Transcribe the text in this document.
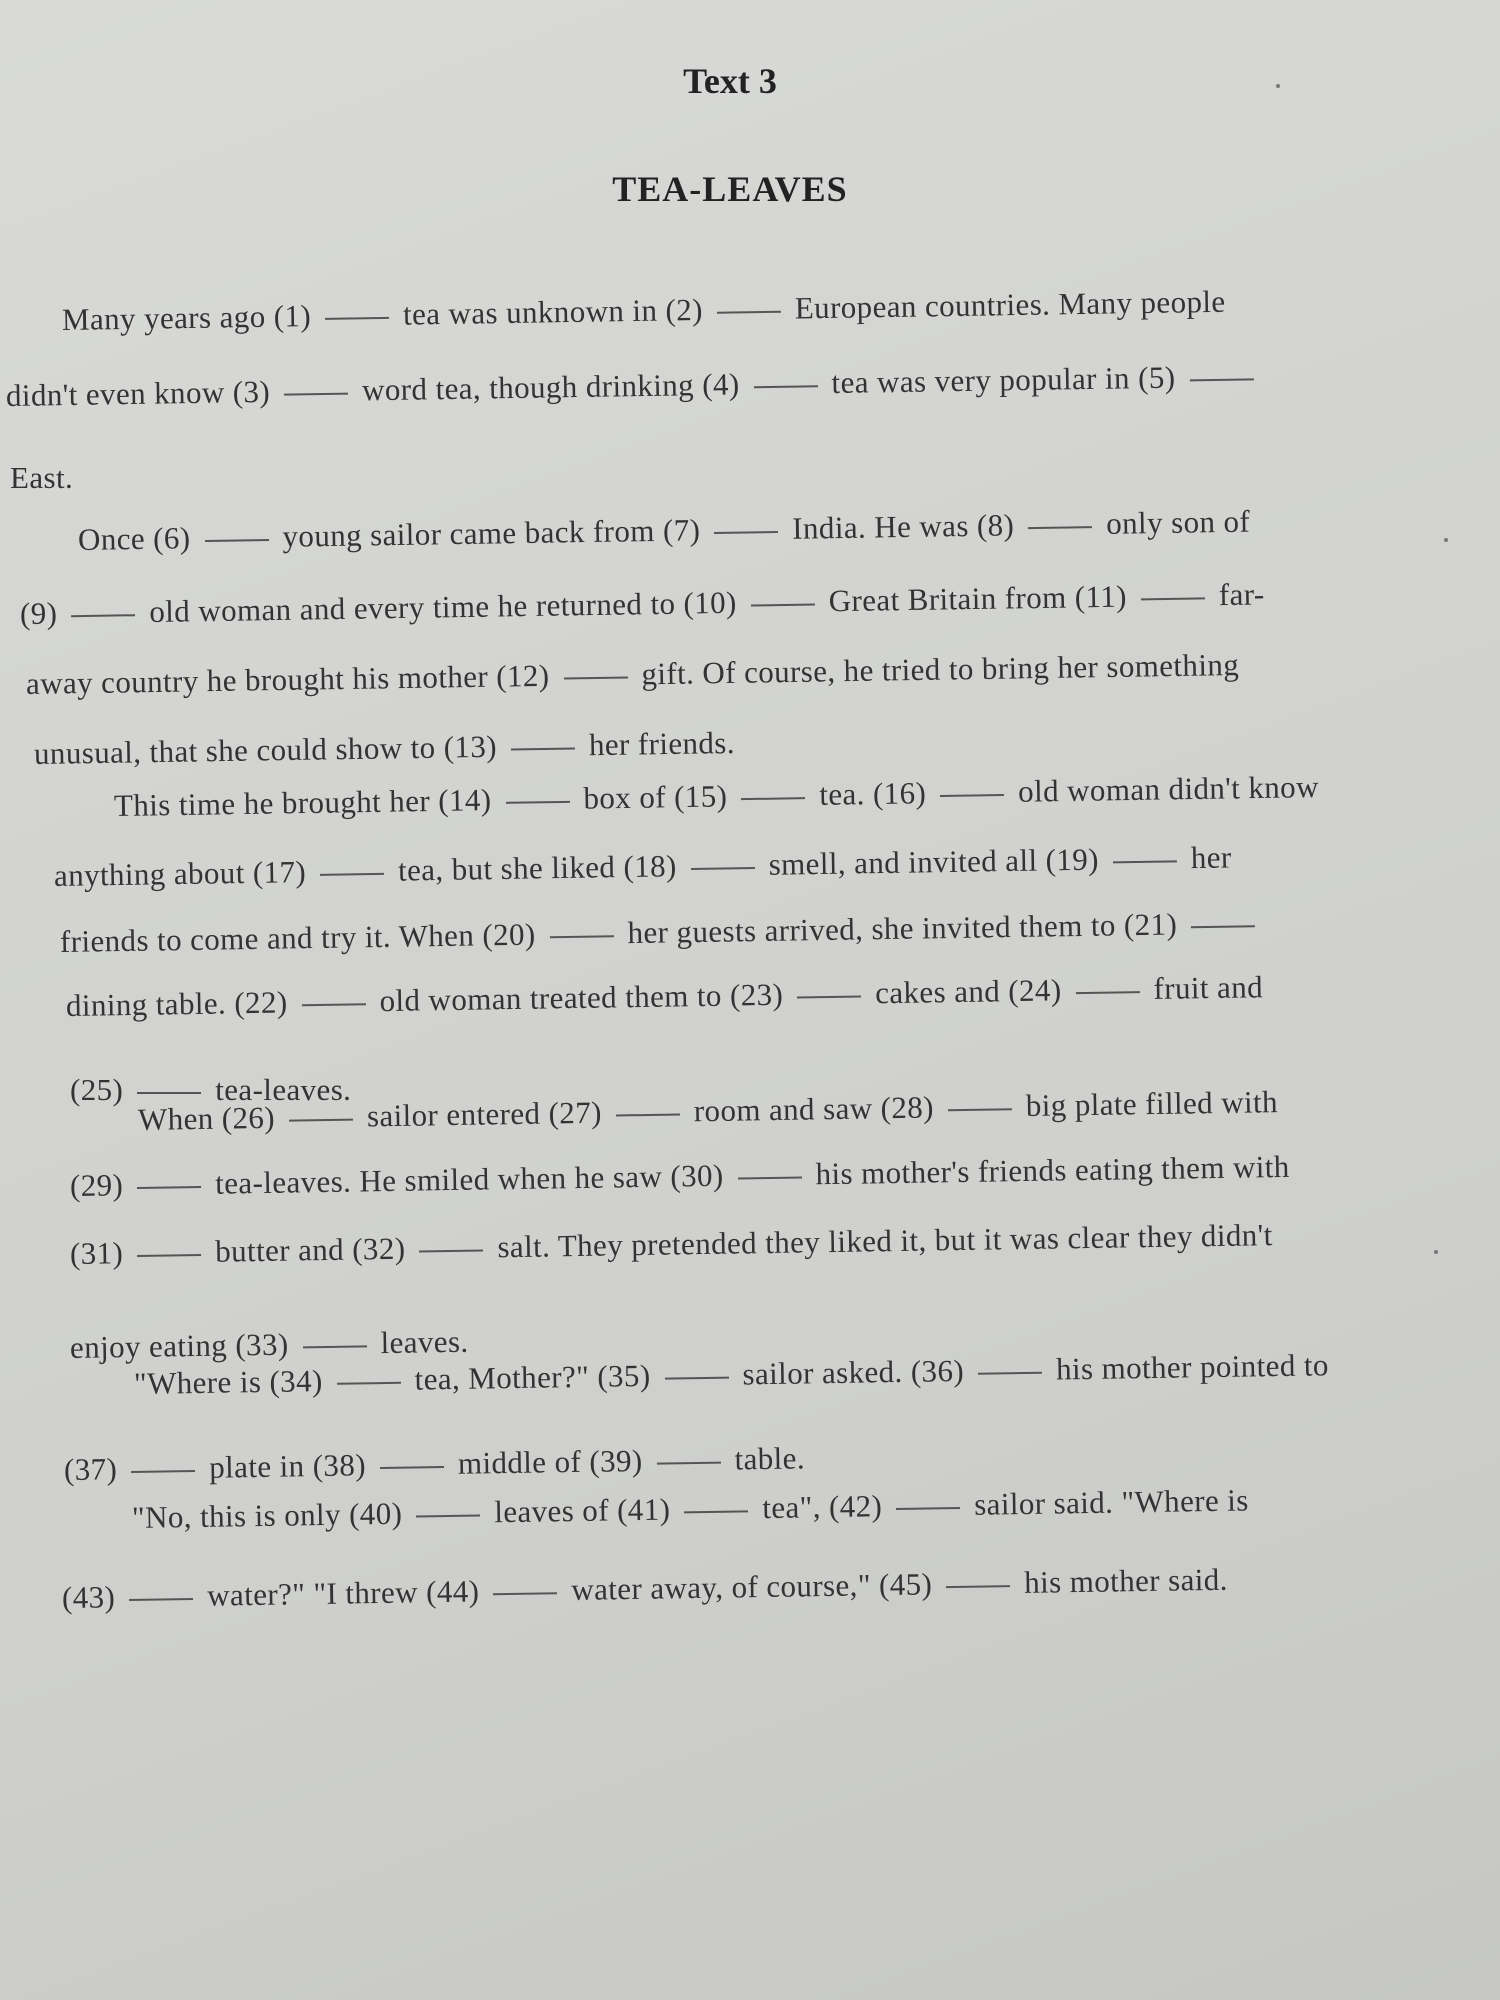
Text 3
TEA-LEAVES
Many years ago (1)	tea was unknown in (2)	European countries. Many people
didn't even know (3)	word tea, though drinking (4)	tea was very popular in (5)
East.
Once (6)	young sailor came back from (7)	India. He was (8)	only son of
(9)	old woman and every time he returned to (10)	Great Britain from (11)	far-
away country he brought his mother (12)	gift. Of course, he tried to bring her something
unusual, that she could show to (13)	her friends.
This time he brought her (14)	box of (15)	tea. (16)	old woman didn't know
anything about (17)	tea, but she liked (18)	smell, and invited all (19)	her
friends to come and try it. When (20)	her guests arrived, she invited them to (21)
dining table. (22)	old woman treated them to (23)	cakes and (24)	fruit and
(25)	tea-leaves.
When (26)	sailor entered (27)	room and saw (28)	big plate filled with
(29)	tea-leaves. He smiled when he saw (30)	his mother's friends eating them with
(31)	butter and (32)	salt. They pretended they liked it, but it was clear they didn't
enjoy eating (33)	leaves.
"Where is (34)	tea, Mother?" (35)	sailor asked. (36)	his mother pointed to
(37)	plate in (38)	middle of (39)	table.
"No, this is only (40)	leaves of (41)	tea", (42)	sailor said. "Where is
(43)	water?" "I threw (44)	water away, of course," (45)	his mother said.
